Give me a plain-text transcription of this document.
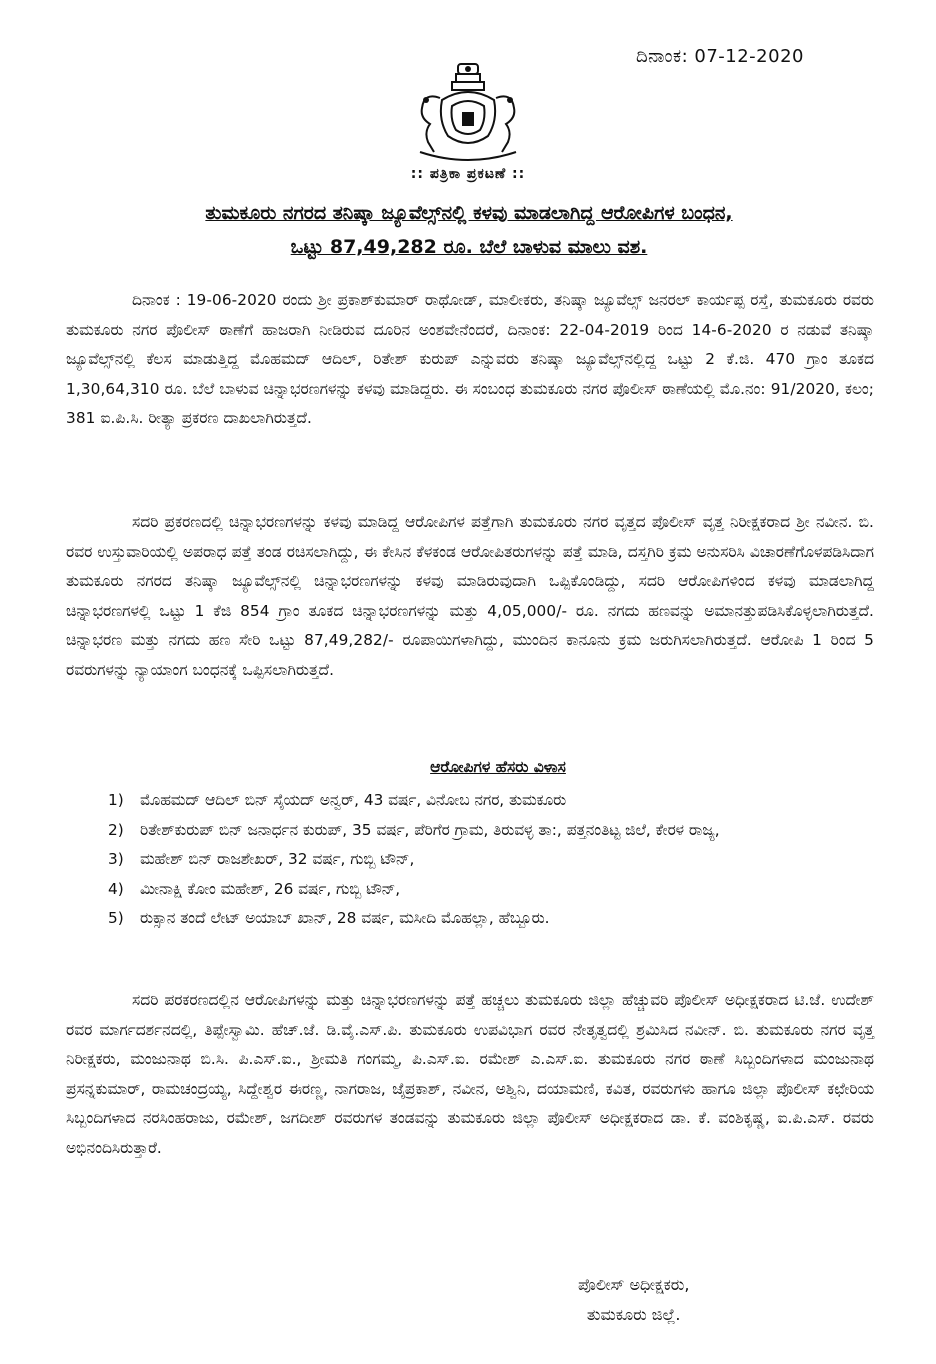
ದಿನಾಂಕ: 07-12-2020
:: ಪತ್ರಿಕಾ ಪ್ರಕಟಣೆ ::
ತುಮಕೂರು ನಗರದ ತನಿಷ್ಕಾ ಜ್ಯೂವೆಲ್ಸ್‌ನಲ್ಲಿ ಕಳವು ಮಾಡಲಾಗಿದ್ದ ಆರೋಪಿಗಳ ಬಂಧನ,
ಒಟ್ಟು 87,49,282 ರೂ. ಬೆಲೆ ಬಾಳುವ ಮಾಲು ವಶ.

ದಿನಾಂಕ : 19-06-2020 ರಂದು ಶ್ರೀ ಪ್ರಕಾಶ್‌ಕುಮಾರ್ ರಾಥೋಡ್, ಮಾಲೀಕರು, ತನಿಷ್ಕಾ ಜ್ಯೂವೆಲ್ಸ್ ಜನರಲ್ ಕಾರ್ಯಪ್ಪ ರಸ್ತೆ, ತುಮಕೂರು ರವರು ತುಮಕೂರು ನಗರ ಪೊಲೀಸ್ ಠಾಣೆಗೆ ಹಾಜರಾಗಿ ನೀಡಿರುವ ದೂರಿನ ಅಂಶವೇನೆಂದರೆ, ದಿನಾಂಕ: 22-04-2019 ರಿಂದ 14-6-2020 ರ ನಡುವೆ ತನಿಷ್ಕಾ ಜ್ಯೂವೆಲ್ಸ್‌ನಲ್ಲಿ ಕೆಲಸ ಮಾಡುತ್ತಿದ್ದ ಮೊಹಮದ್ ಆದಿಲ್, ರಿತೇಶ್ ಕುರುಪ್ ಎನ್ನುವರು ತನಿಷ್ಕಾ ಜ್ಯೂವೆಲ್ಸ್‌ನಲ್ಲಿದ್ದ ಒಟ್ಟು 2 ಕೆ.ಜಿ. 470 ಗ್ರಾಂ ತೂಕದ 1,30,64,310 ರೂ. ಬೆಲೆ ಬಾಳುವ ಚಿನ್ನಾಭರಣಗಳನ್ನು ಕಳವು ಮಾಡಿದ್ದರು. ಈ ಸಂಬಂಧ ತುಮಕೂರು ನಗರ ಪೊಲೀಸ್ ಠಾಣೆಯಲ್ಲಿ ಮೊ.ನಂ: 91/2020, ಕಲಂ; 381 ಐ.ಪಿ.ಸಿ. ರೀತ್ಯಾ ಪ್ರಕರಣ ದಾಖಲಾಗಿರುತ್ತದೆ.

ಸದರಿ ಪ್ರಕರಣದಲ್ಲಿ ಚಿನ್ನಾಭರಣಗಳನ್ನು ಕಳವು ಮಾಡಿದ್ದ ಆರೋಪಿಗಳ ಪತ್ತೆಗಾಗಿ ತುಮಕೂರು ನಗರ ವೃತ್ತದ ಪೊಲೀಸ್ ವೃತ್ತ ನಿರೀಕ್ಷಕರಾದ ಶ್ರೀ ನವೀನ. ಬಿ. ರವರ ಉಸ್ತುವಾರಿಯಲ್ಲಿ ಅಪರಾಧ ಪತ್ತೆ ತಂಡ ರಚಿಸಲಾಗಿದ್ದು, ಈ ಕೇಸಿನ ಕೆಳಕಂಡ ಆರೋಪಿತರುಗಳನ್ನು ಪತ್ತೆ ಮಾಡಿ, ದಸ್ತಗಿರಿ ಕ್ರಮ ಅನುಸರಿಸಿ ವಿಚಾರಣೆಗೊಳಪಡಿಸಿದಾಗ ತುಮಕೂರು ನಗರದ ತನಿಷ್ಕಾ ಜ್ಯೂವೆಲ್ಸ್‌ನಲ್ಲಿ ಚಿನ್ನಾಭರಣಗಳನ್ನು ಕಳವು ಮಾಡಿರುವುದಾಗಿ ಒಪ್ಪಿಕೊಂಡಿದ್ದು, ಸದರಿ ಆರೋಪಿಗಳಿಂದ ಕಳವು ಮಾಡಲಾಗಿದ್ದ ಚಿನ್ನಾಭರಣಗಳಲ್ಲಿ ಒಟ್ಟು 1 ಕೆಜಿ 854 ಗ್ರಾಂ ತೂಕದ ಚಿನ್ನಾಭರಣಗಳನ್ನು ಮತ್ತು 4,05,000/- ರೂ. ನಗದು ಹಣವನ್ನು ಅಮಾನತ್ತುಪಡಿಸಿಕೊಳ್ಳಲಾಗಿರುತ್ತದೆ. ಚಿನ್ನಾಭರಣ ಮತ್ತು ನಗದು ಹಣ ಸೇರಿ ಒಟ್ಟು 87,49,282/- ರೂಪಾಯಿಗಳಾಗಿದ್ದು, ಮುಂದಿನ ಕಾನೂನು ಕ್ರಮ ಜರುಗಿಸಲಾಗಿರುತ್ತದೆ. ಆರೋಪಿ 1 ರಿಂದ 5 ರವರುಗಳನ್ನು ನ್ಯಾಯಾಂಗ ಬಂಧನಕ್ಕೆ ಒಪ್ಪಿಸಲಾಗಿರುತ್ತದೆ.

ಆರೋಪಿಗಳ ಹೆಸರು ವಿಳಾಸ
1)	ಮೊಹಮದ್ ಆದಿಲ್ ಬಿನ್ ಸೈಯದ್ ಅನ್ವರ್, 43 ವರ್ಷ, ವಿನೋಬ ನಗರ, ತುಮಕೂರು
2)	ರಿತೇಶ್‌ಕುರುಪ್ ಬಿನ್ ಜನಾರ್ಧನ ಕುರುಪ್, 35 ವರ್ಷ, ಪೆರಿಗೆರ ಗ್ರಾಮ, ತಿರುವಳ್ಳ ತಾ:, ಪತ್ತನಂತಿಟ್ಟ ಜಿಲೆ, ಕೇರಳ ರಾಜ್ಯ,
3)	ಮಹೇಶ್ ಬಿನ್ ರಾಜಶೇಖರ್, 32 ವರ್ಷ, ಗುಬ್ಬಿ ಟೌನ್,
4)	ಮೀನಾಕ್ಷಿ ಕೋಂ ಮಹೇಶ್, 26 ವರ್ಷ, ಗುಬ್ಬಿ ಟೌನ್,
5)	ರುಕ್ಸಾನ ತಂದೆ ಲೇಟ್ ಅಯಾಬ್ ಖಾನ್, 28 ವರ್ಷ, ಮಸೀದಿ ಮೊಹಲ್ಲಾ, ಹೆಬ್ಬೂರು.

ಸದರಿ ಪರಕರಣದಲ್ಲಿನ ಆರೋಪಿಗಳನ್ನು ಮತ್ತು ಚಿನ್ನಾಭರಣಗಳನ್ನು ಪತ್ತೆ ಹಚ್ಚಲು ತುಮಕೂರು ಜಿಲ್ಲಾ ಹೆಚ್ಚುವರಿ ಪೊಲೀಸ್ ಅಧೀಕ್ಷಕರಾದ ಟಿ.ಜೆ. ಉದೇಶ್ ರವರ ಮಾರ್ಗದರ್ಶನದಲ್ಲಿ, ತಿಪ್ಪೇಸ್ವಾಮಿ. ಹೆಚ್.ಜೆ. ಡಿ.ವೈ.ಎಸ್.ಪಿ. ತುಮಕೂರು ಉಪವಿಭಾಗ ರವರ ನೇತೃತ್ವದಲ್ಲಿ ಶ್ರಮಿಸಿದ ನವೀನ್. ಬಿ. ತುಮಕೂರು ನಗರ ವೃತ್ತ ನಿರೀಕ್ಷಕರು, ಮಂಜುನಾಥ ಬಿ.ಸಿ. ಪಿ.ಎಸ್.ಐ., ಶ್ರೀಮತಿ ಗಂಗಮ್ಮ, ಪಿ.ಎಸ್.ಐ. ರಮೇಶ್ ಎ.ಎಸ್.ಐ. ತುಮಕೂರು ನಗರ ಠಾಣೆ ಸಿಬ್ಬಂದಿಗಳಾದ ಮಂಜುನಾಥ ಪ್ರಸನ್ನಕುಮಾರ್, ರಾಮಚಂದ್ರಯ್ಯ, ಸಿದ್ದೇಶ್ವರ ಈರಣ್ಣ, ನಾಗರಾಜ, ಜೈಪ್ರಕಾಶ್, ನವೀನ, ಅಶ್ವಿನಿ, ದಯಾಮಣಿ, ಕವಿತ, ರವರುಗಳು ಹಾಗೂ ಜಿಲ್ಲಾ ಪೊಲೀಸ್ ಕಛೇರಿಯ ಸಿಬ್ಬಂದಿಗಳಾದ ನರಸಿಂಹರಾಜು, ರಮೇಶ್, ಜಗದೀಶ್ ರವರುಗಳ ತಂಡವನ್ನು ತುಮಕೂರು ಜಿಲ್ಲಾ ಪೊಲೀಸ್ ಅಧೀಕ್ಷಕರಾದ ಡಾ. ಕೆ. ವಂಶಿಕೃಷ್ಣ, ಐ.ಪಿ.ಎಸ್. ರವರು ಅಭಿನಂದಿಸಿರುತ್ತಾರೆ.

ಪೊಲೀಸ್ ಅಧೀಕ್ಷಕರು,
ತುಮಕೂರು ಜಿಲ್ಲೆ.
